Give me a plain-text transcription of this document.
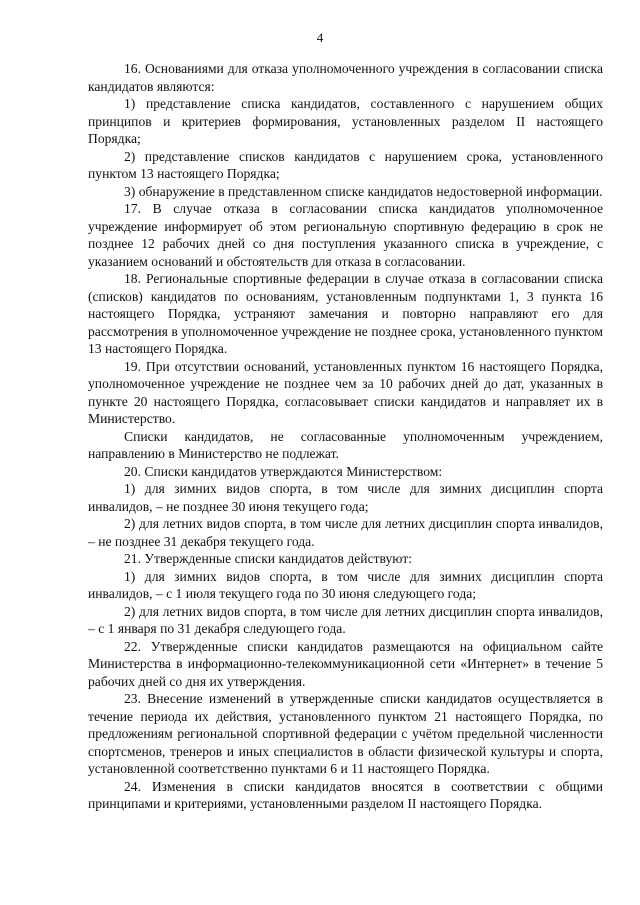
4

16. Основаниями для отказа уполномоченного учреждения в согласовании списка кандидатов являются:

1) представление списка кандидатов, составленного с нарушением общих принципов и критериев формирования, установленных разделом II настоящего Порядка;

2) представление списков кандидатов с нарушением срока, установленного пунктом 13 настоящего Порядка;

3) обнаружение в представленном списке кандидатов недостоверной информации.

17. В случае отказа в согласовании списка кандидатов уполномоченное учреждение информирует об этом региональную спортивную федерацию в срок не позднее 12 рабочих дней со дня поступления указанного списка в учреждение, с указанием оснований и обстоятельств для отказа в согласовании.

18. Региональные спортивные федерации в случае отказа в согласовании списка (списков) кандидатов по основаниям, установленным подпунктами 1, 3 пункта 16 настоящего Порядка, устраняют замечания и повторно направляют его для рассмотрения в уполномоченное учреждение не позднее срока, установленного пунктом 13 настоящего Порядка.

19. При отсутствии оснований, установленных пунктом 16 настоящего Порядка, уполномоченное учреждение не позднее чем за 10 рабочих дней до дат, указанных в пункте 20 настоящего Порядка, согласовывает списки кандидатов и направляет их в Министерство.

Списки кандидатов, не согласованные уполномоченным учреждением, направлению в Министерство не подлежат.

20. Списки кандидатов утверждаются Министерством:

1) для зимних видов спорта, в том числе для зимних дисциплин спорта инвалидов, – не позднее 30 июня текущего года;

2) для летних видов спорта, в том числе для летних дисциплин спорта инвалидов, – не позднее 31 декабря текущего года.

21. Утвержденные списки кандидатов действуют:

1) для зимних видов спорта, в том числе для зимних дисциплин спорта инвалидов, – с 1 июля текущего года по 30 июня следующего года;

2) для летних видов спорта, в том числе для летних дисциплин спорта инвалидов, – с 1 января по 31 декабря следующего года.

22. Утвержденные списки кандидатов размещаются на официальном сайте Министерства в информационно-телекоммуникационной сети «Интернет» в течение 5 рабочих дней со дня их утверждения.

23. Внесение изменений в утвержденные списки кандидатов осуществляется в течение периода их действия, установленного пунктом 21 настоящего Порядка, по предложениям региональной спортивной федерации с учётом предельной численности спортсменов, тренеров и иных специалистов в области физической культуры и спорта, установленной соответственно пунктами 6 и 11 настоящего Порядка.

24. Изменения в списки кандидатов вносятся в соответствии с общими принципами и критериями, установленными разделом II настоящего Порядка.
